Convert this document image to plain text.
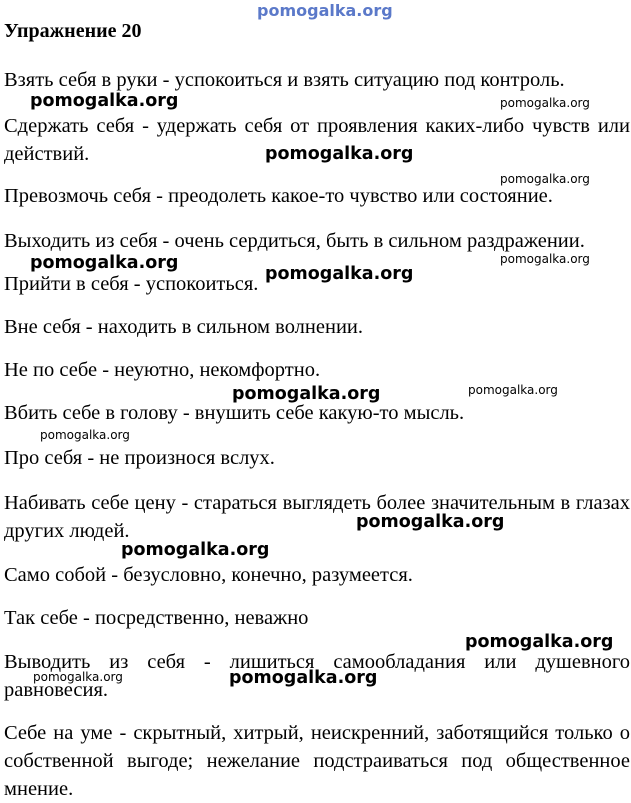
pomogalka.org
Упражнение 20
Взять себя в руки - успокоиться и взять ситуацию под контроль.
Сдержать себя - удержать себя от проявления каких-либо чувств или действий.
Превозмочь себя - преодолеть какое-то чувство или состояние.
Выходить из себя - очень сердиться, быть в сильном раздражении.
Прийти в себя - успокоиться.
Вне себя - находить в сильном волнении.
Не по себе - неуютно, некомфортно.
Вбить себе в голову - внушить себе какую-то мысль.
Про себя - не произнося вслух.
Набивать себе цену - стараться выглядеть более значительным в глазах других людей.
Само собой - безусловно, конечно, разумеется.
Так себе - посредственно, неважно
Выводить из себя - лишиться самообладания или душевного равновесия.
Себе на уме - скрытный, хитрый, неискренний, заботящийся только о собственной выгоде; нежелание подстраиваться под общественное мнение.
pomogalka.org	pomogalka.org
pomogalka.org
pomogalka.org
pomogalka.org	pomogalka.org
pomogalka.org
pomogalka.org	pomogalka.org
pomogalka.org
pomogalka.org
pomogalka.org
pomogalka.org
pomogalka.org	pomogalka.org
